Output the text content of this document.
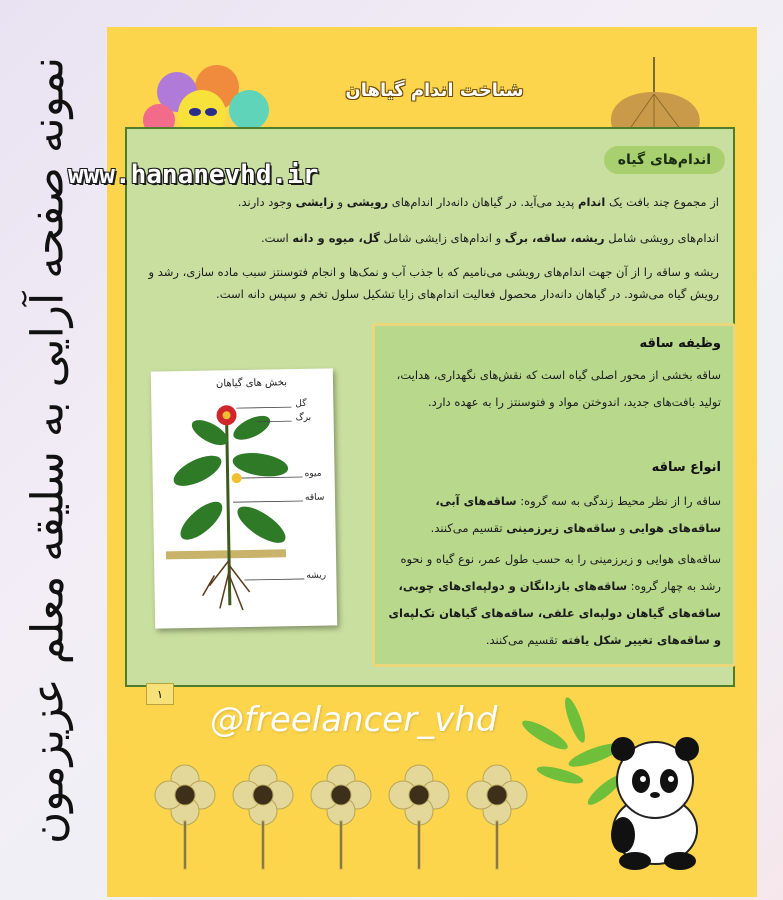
نمونه صفحه آرایی به سلیقه معلم عزیزمون	شناخت اندام گیاهان
اندام‌های گیاه
از مجموع چند بافت یک اندام پدید می‌آید. در گیاهان دانه‌دار اندام‌های رویشی و زایشی وجود دارند.
اندام‌های رویشی شامل ریشه، ساقه، برگ و اندام‌های زایشی شامل گل، میوه و دانه است.
ریشه و ساقه را از آن جهت اندام‌های رویشی می‌نامیم که با جذب آب و نمک‌ها و انجام فتوسنتز سبب ماده سازی، رشد و رویش گیاه می‌شود. در گیاهان دانه‌دار محصول فعالیت اندام‌های زایا تشکیل سلول تخم و سپس دانه است.
۱
@freelancer_vhd
www.hananevhd.ir
بخش های گیاهان
گل
برگ
میوه
ساقه
ریشه
وظیفه ساقه
ساقه بخشی از محور اصلی گیاه است که نقش‌های نگهداری، هدایت، تولید بافت‌های جدید، اندوختن مواد و فتوسنتز را به عهده دارد.
انواع ساقه
ساقه را از نظر محیط زندگی به سه گروه: ساقه‌های آبی، ساقه‌های هوایی و ساقه‌های زیرزمینی تقسیم می‌کنند.
ساقه‌های هوایی و زیرزمینی را به حسب طول عمر، نوع گیاه و نحوه رشد به چهار گروه: ساقه‌های بازدانگان و دولپه‌ای‌های چوبی، ساقه‌های گیاهان دولپه‌ای علفی، ساقه‌های گیاهان تک‌لپه‌ای و ساقه‌های تغییر شکل یافته تقسیم می‌کنند.
